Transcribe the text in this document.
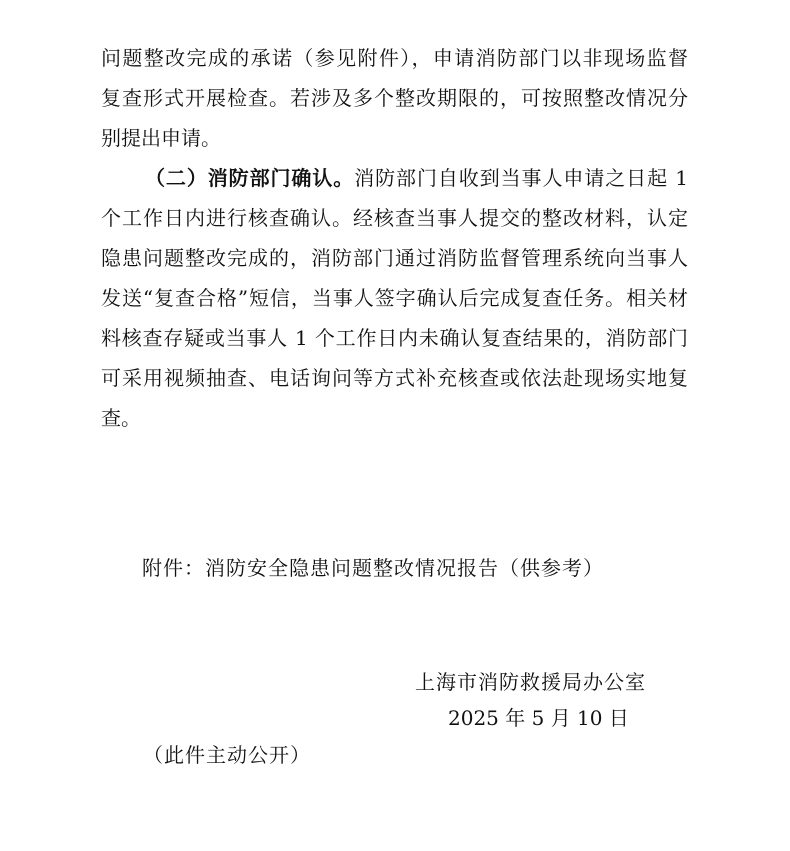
问题整改完成的承诺（参见附件），申请消防部门以非现场监督
复查形式开展检查。若涉及多个整改期限的，可按照整改情况分
别提出申请。
（二）消防部门确认。消防部门自收到当事人申请之日起 1
个工作日内进行核查确认。经核查当事人提交的整改材料，认定
隐患问题整改完成的，消防部门通过消防监督管理系统向当事人
发送“复查合格”短信，当事人签字确认后完成复查任务。相关材
料核查存疑或当事人 1 个工作日内未确认复查结果的，消防部门
可采用视频抽查、电话询问等方式补充核查或依法赴现场实地复
查。
附件：消防安全隐患问题整改情况报告（供参考）
上海市消防救援局办公室
2025 年 5 月 10 日
（此件主动公开）
